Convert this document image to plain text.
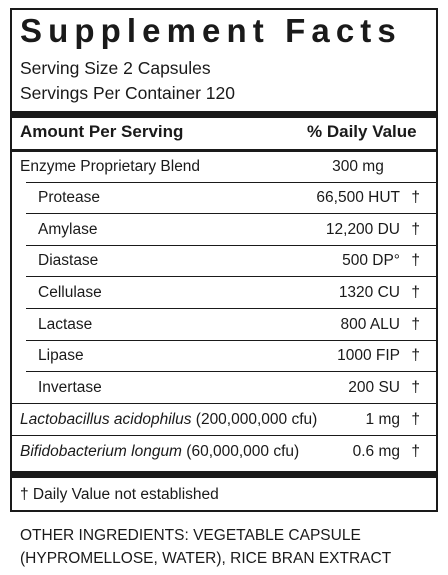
Supplement Facts
Serving Size 2 Capsules
Servings Per Container 120
Amount Per Serving	% Daily Value
Enzyme Proprietary Blend	300 mg
Protease	66,500 HUT †
Amylase	12,200 DU †
Diastase	500 DP° †
Cellulase	1320 CU †
Lactase	800 ALU †
Lipase	1000 FIP †
Invertase	200 SU †
Lactobacillus acidophilus (200,000,000 cfu)	1 mg †
Bifidobacterium longum (60,000,000 cfu)	0.6 mg †
† Daily Value not established
OTHER INGREDIENTS: VEGETABLE CAPSULE
(HYPROMELLOSE, WATER), RICE BRAN EXTRACT
